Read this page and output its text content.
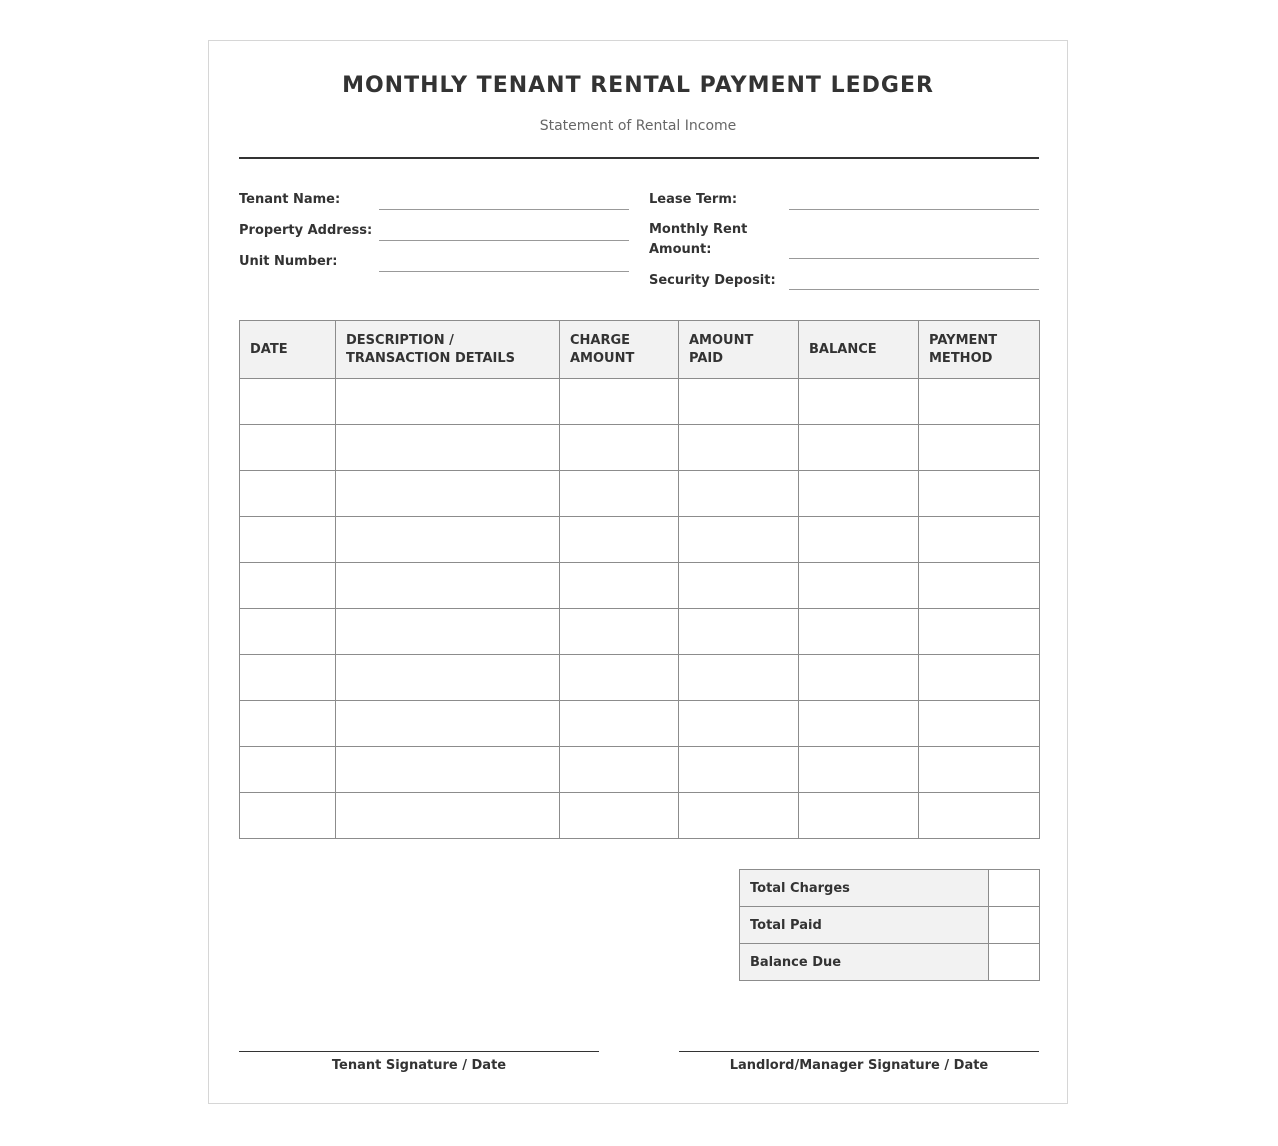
MONTHLY TENANT RENTAL PAYMENT LEDGER
Statement of Rental Income
Tenant Name:
Property Address:
Unit Number:
Lease Term:
Monthly Rent Amount:
Security Deposit:
DATE	DESCRIPTION / TRANSACTION DETAILS	CHARGE AMOUNT	AMOUNT PAID	BALANCE	PAYMENT METHOD

Total Charges	
Total Paid	
Balance Due	
Tenant Signature / Date	Landlord/Manager Signature / Date
